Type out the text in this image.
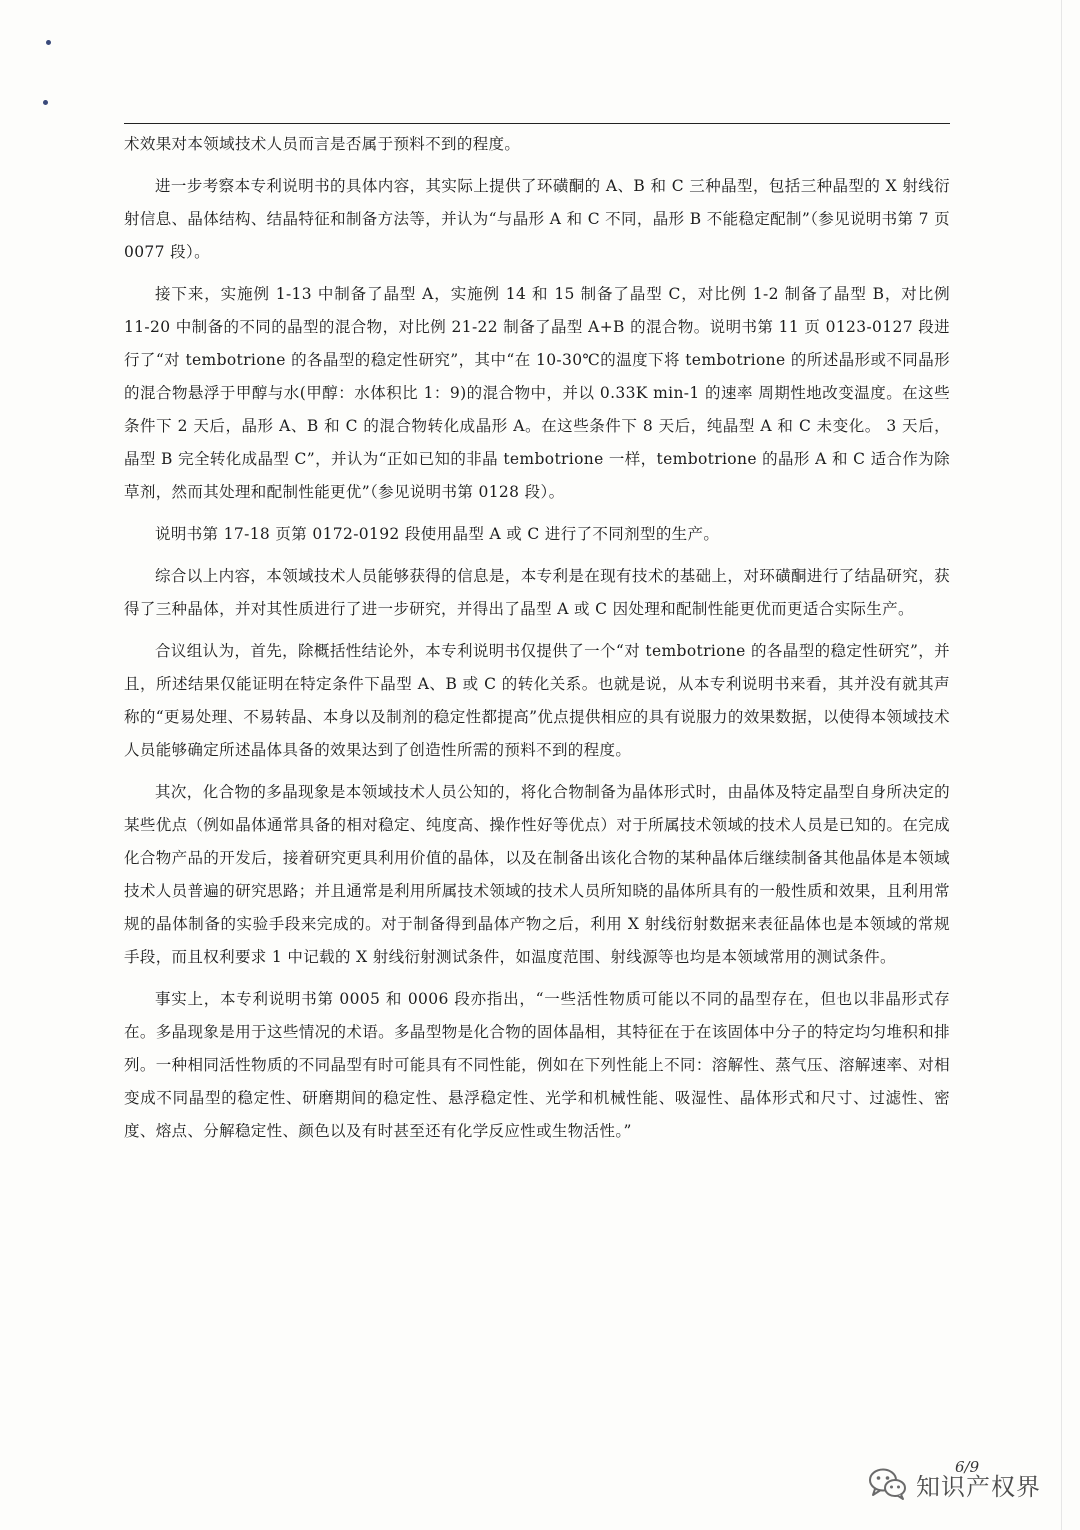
术效果对本领域技术人员而言是否属于预料不到的程度。

进一步考察本专利说明书的具体内容，其实际上提供了环磺酮的 A、B 和 C 三种晶型，包括三种晶型的 X 射线衍射信息、晶体结构、结晶特征和制备方法等，并认为“与晶形 A 和 C 不同，晶形 B 不能稳定配制”（参见说明书第 7 页 0077 段）。

接下来，实施例 1-13 中制备了晶型 A，实施例 14 和 15 制备了晶型 C，对比例 1-2 制备了晶型 B，对比例 11-20 中制备的不同的晶型的混合物，对比例 21-22 制备了晶型 A+B 的混合物。说明书第 11 页 0123-0127 段进行了“对 tembotrione 的各晶型的稳定性研究”，其中“在 10-30℃的温度下将 tembotrione 的所述晶形或不同晶形的混合物悬浮于甲醇与水(甲醇：水体积比 1：9)的混合物中，并以 0.33K min-1 的速率 周期性地改变温度。在这些条件下 2 天后，晶形 A、B 和 C 的混合物转化成晶形 A。在这些条件下 8 天后，纯晶型 A 和 C 未变化。 3 天后，晶型 B 完全转化成晶型 C”，并认为“正如已知的非晶 tembotrione 一样，tembotrione 的晶形 A 和 C 适合作为除草剂，然而其处理和配制性能更优”（参见说明书第 0128 段）。

说明书第 17-18 页第 0172-0192 段使用晶型 A 或 C 进行了不同剂型的生产。

综合以上内容，本领域技术人员能够获得的信息是，本专利是在现有技术的基础上，对环磺酮进行了结晶研究，获得了三种晶体，并对其性质进行了进一步研究，并得出了晶型 A 或 C 因处理和配制性能更优而更适合实际生产。

合议组认为，首先，除概括性结论外，本专利说明书仅提供了一个“对 tembotrione 的各晶型的稳定性研究”，并且，所述结果仅能证明在特定条件下晶型 A、B 或 C 的转化关系。也就是说，从本专利说明书来看，其并没有就其声称的“更易处理、不易转晶、本身以及制剂的稳定性都提高”优点提供相应的具有说服力的效果数据，以使得本领域技术人员能够确定所述晶体具备的效果达到了创造性所需的预料不到的程度。

其次，化合物的多晶现象是本领域技术人员公知的，将化合物制备为晶体形式时，由晶体及特定晶型自身所决定的某些优点（例如晶体通常具备的相对稳定、纯度高、操作性好等优点）对于所属技术领域的技术人员是已知的。在完成化合物产品的开发后，接着研究更具利用价值的晶体，以及在制备出该化合物的某种晶体后继续制备其他晶体是本领域技术人员普遍的研究思路；并且通常是利用所属技术领域的技术人员所知晓的晶体所具有的一般性质和效果，且利用常规的晶体制备的实验手段来完成的。对于制备得到晶体产物之后，利用 X 射线衍射数据来表征晶体也是本领域的常规手段，而且权利要求 1 中记载的 X 射线衍射测试条件，如温度范围、射线源等也均是本领域常用的测试条件。

事实上，本专利说明书第 0005 和 0006 段亦指出，“一些活性物质可能以不同的晶型存在，但也以非晶形式存在。多晶现象是用于这些情况的术语。多晶型物是化合物的固体晶相，其特征在于在该固体中分子的特定均匀堆积和排列。一种相同活性物质的不同晶型有时可能具有不同性能，例如在下列性能上不同：溶解性、蒸气压、溶解速率、对相变成不同晶型的稳定性、研磨期间的稳定性、悬浮稳定性、光学和机械性能、吸湿性、晶体形式和尺寸、过滤性、密度、熔点、分解稳定性、颜色以及有时甚至还有化学反应性或生物活性。”

6/9
知识产权界
